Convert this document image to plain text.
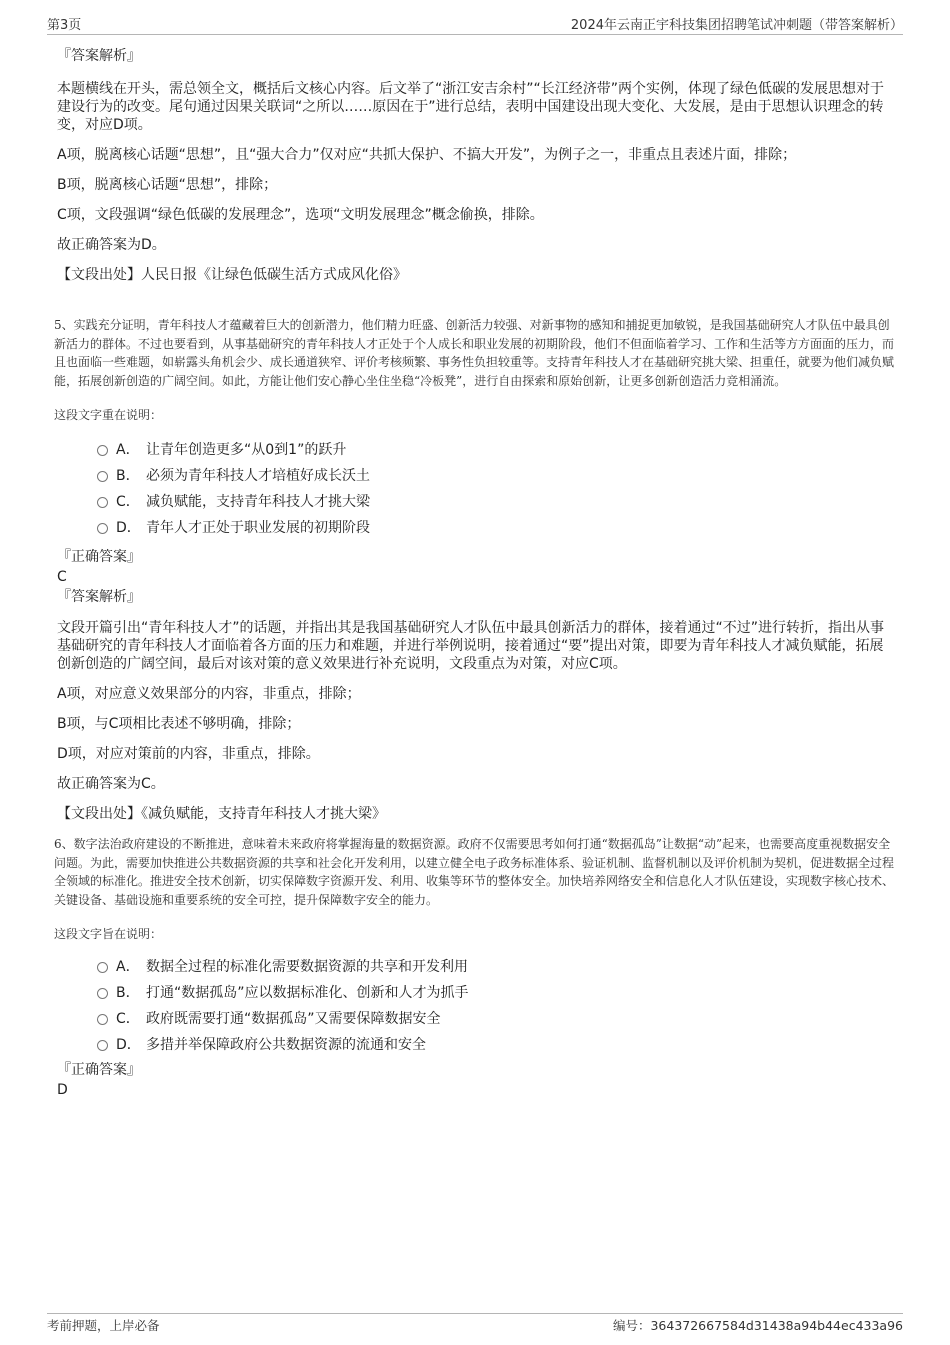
第3页	2024年云南正宇科技集团招聘笔试冲刺题（带答案解析）

『答案解析』

本题横线在开头，需总领全文，概括后文核心内容。后文举了“浙江安吉余村”“长江经济带”两个实例，体现了绿色低碳的发展思想对于建设行为的改变。尾句通过因果关联词“之所以……原因在于”进行总结，表明中国建设出现大变化、大发展，是由于思想认识理念的转变，对应D项。

A项，脱离核心话题“思想”，且“强大合力”仅对应“共抓大保护、不搞大开发”，为例子之一，非重点且表述片面，排除；

B项，脱离核心话题“思想”，排除；

C项，文段强调“绿色低碳的发展理念”，选项“文明发展理念”概念偷换，排除。

故正确答案为D。

【文段出处】人民日报《让绿色低碳生活方式成风化俗》

5、实践充分证明，青年科技人才蕴藏着巨大的创新潜力，他们精力旺盛、创新活力较强、对新事物的感知和捕捉更加敏锐，是我国基础研究人才队伍中最具创新活力的群体。不过也要看到，从事基础研究的青年科技人才正处于个人成长和职业发展的初期阶段，他们不但面临着学习、工作和生活等方方面面的压力，而且也面临一些难题，如崭露头角机会少、成长通道狭窄、评价考核频繁、事务性负担较重等。支持青年科技人才在基础研究挑大梁、担重任，就要为他们减负赋能，拓展创新创造的广阔空间。如此，方能让他们安心静心坐住坐稳“冷板凳”，进行自由探索和原始创新，让更多创新创造活力竞相涌流。

这段文字重在说明：

A． 让青年创造更多“从0到1”的跃升
B． 必须为青年科技人才培植好成长沃土
C． 减负赋能，支持青年科技人才挑大梁
D． 青年人才正处于职业发展的初期阶段

『正确答案』

C

『答案解析』

文段开篇引出“青年科技人才”的话题，并指出其是我国基础研究人才队伍中最具创新活力的群体，接着通过“不过”进行转折，指出从事基础研究的青年科技人才面临着各方面的压力和难题，并进行举例说明，接着通过“要”提出对策，即要为青年科技人才减负赋能，拓展创新创造的广阔空间，最后对该对策的意义效果进行补充说明，文段重点为对策，对应C项。

A项，对应意义效果部分的内容，非重点，排除；

B项，与C项相比表述不够明确，排除；

D项，对应对策前的内容，非重点，排除。

故正确答案为C。

【文段出处】《减负赋能，支持青年科技人才挑大梁》

6、数字法治政府建设的不断推进，意味着未来政府将掌握海量的数据资源。政府不仅需要思考如何打通“数据孤岛”让数据“动”起来，也需要高度重视数据安全问题。为此，需要加快推进公共数据资源的共享和社会化开发利用，以建立健全电子政务标准体系、验证机制、监督机制以及评价机制为契机，促进数据全过程全领域的标准化。推进安全技术创新，切实保障数字资源开发、利用、收集等环节的整体安全。加快培养网络安全和信息化人才队伍建设，实现数字核心技术、关键设备、基础设施和重要系统的安全可控，提升保障数字安全的能力。

这段文字旨在说明：

A． 数据全过程的标准化需要数据资源的共享和开发利用
B． 打通“数据孤岛”应以数据标准化、创新和人才为抓手
C． 政府既需要打通“数据孤岛”又需要保障数据安全
D． 多措并举保障政府公共数据资源的流通和安全

『正确答案』

D

考前押题，上岸必备	编号：364372667584d31438a94b44ec433a96
